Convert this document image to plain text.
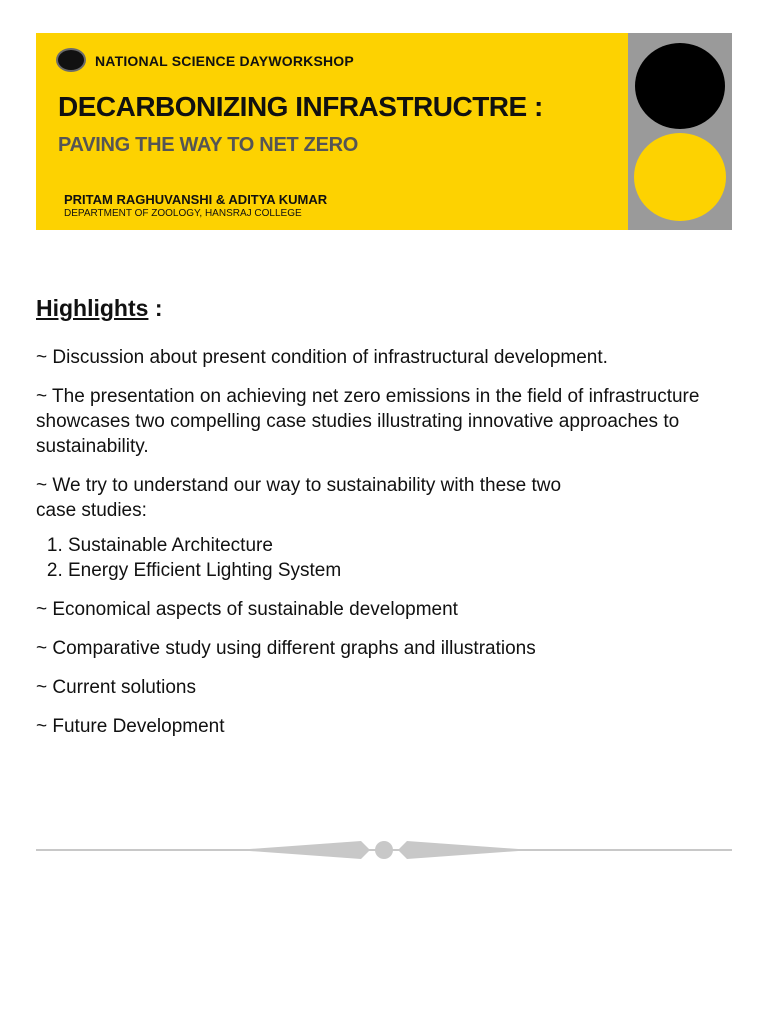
NATIONAL SCIENCE DAYWORKSHOP
DECARBONIZING INFRASTRUCTRE :
PAVING THE WAY TO NET ZERO
PRITAM RAGHUVANSHI & ADITYA KUMAR
DEPARTMENT OF ZOOLOGY, HANSRAJ COLLEGE
Highlights :

~ Discussion about present condition of infrastructural development.

~ The presentation on achieving net zero emissions in the field of infrastructure showcases two compelling case studies illustrating innovative approaches to sustainability.

~ We try to understand our way to sustainability with these two case studies:

1. Sustainable Architecture
2. Energy Efficient Lighting System

~ Economical aspects of sustainable development

~ Comparative study using different graphs and illustrations

~ Current solutions

~ Future Development
